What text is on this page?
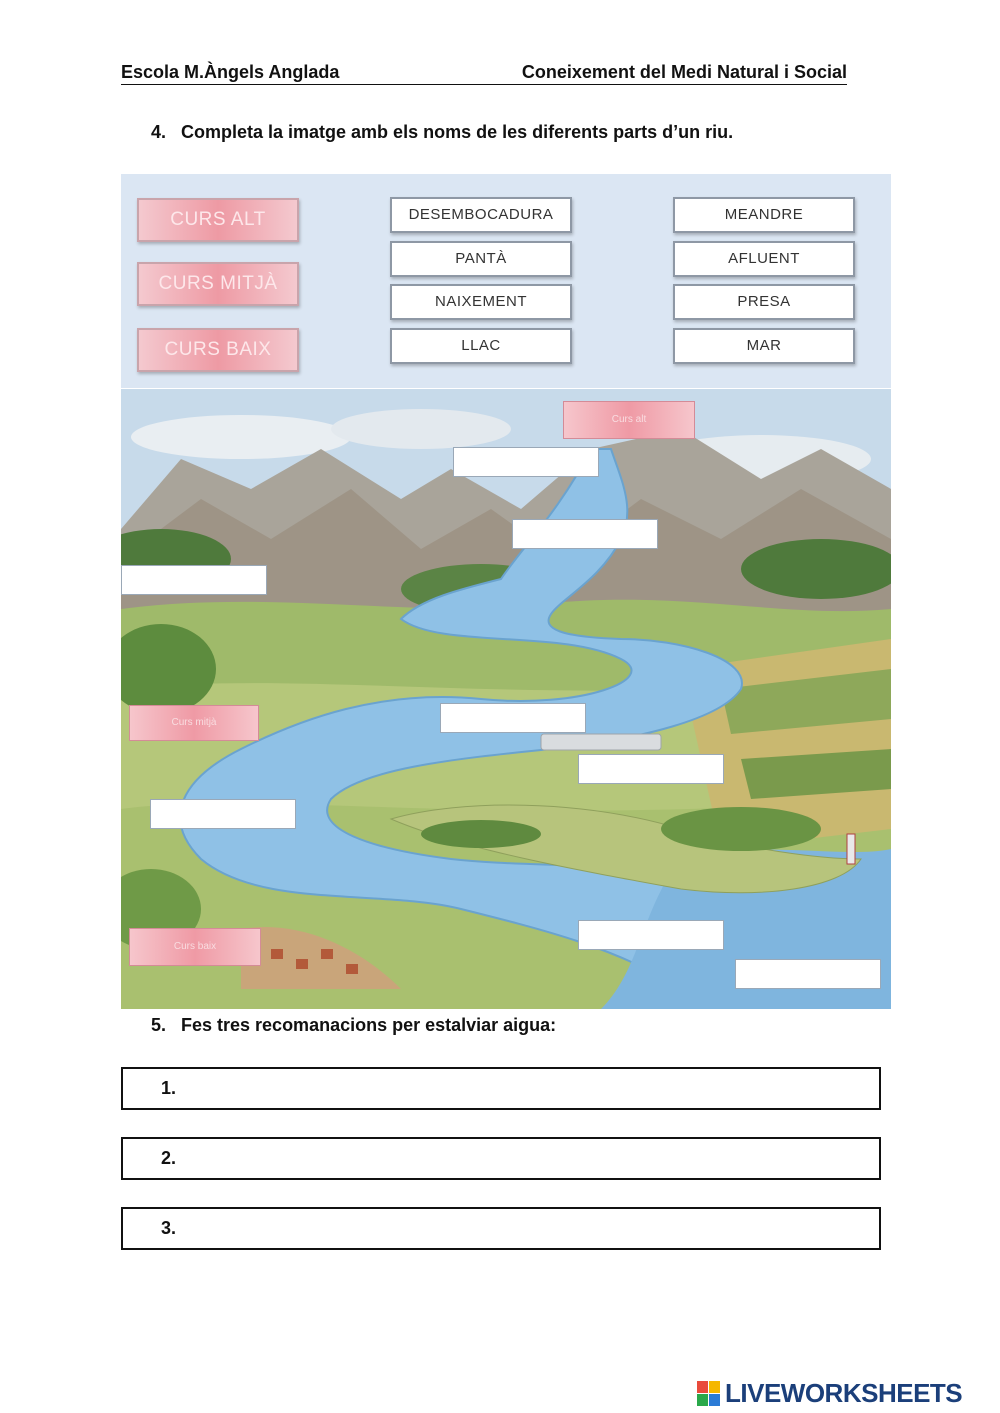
Escola M.Àngels Anglada	Coneixement del Medi Natural i Social
4. Completa la imatge amb els noms de les diferents parts d’un riu.
CURS ALT
CURS MITJÀ
CURS BAIX
DESEMBOCADURA
PANTÀ
NAIXEMENT
LLAC
MEANDRE
AFLUENT
PRESA
MAR
Curs alt
Curs mitjà
Curs baix
5. Fes tres recomanacions per estalviar aigua:
1.
2.
3.
LIVEWORKSHEETS
